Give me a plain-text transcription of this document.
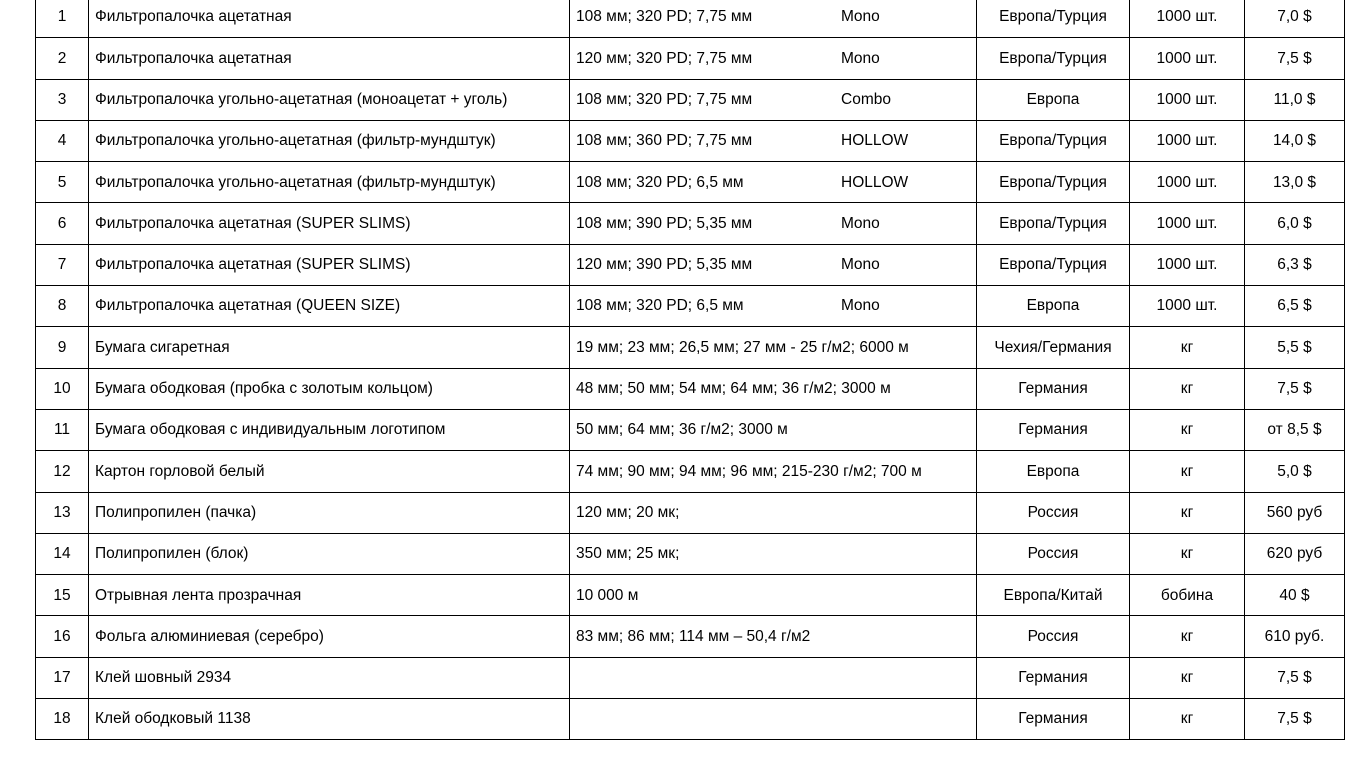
1	Фильтропалочка ацетатная	108 мм; 320 PD; 7,75 мм Mono	Европа/Турция	1000 шт.	7,0 $
2	Фильтропалочка ацетатная	120 мм; 320 PD; 7,75 мм Mono	Европа/Турция	1000 шт.	7,5 $
3	Фильтропалочка угольно-ацетатная (моноацетат + уголь)	108 мм; 320 PD; 7,75 мм Combo	Европа	1000 шт.	11,0 $
4	Фильтропалочка угольно-ацетатная (фильтр-мундштук)	108 мм; 360 PD; 7,75 мм HOLLOW	Европа/Турция	1000 шт.	14,0 $
5	Фильтропалочка угольно-ацетатная (фильтр-мундштук)	108 мм; 320 PD; 6,5 мм HOLLOW	Европа/Турция	1000 шт.	13,0 $
6	Фильтропалочка ацетатная (SUPER SLIMS)	108 мм; 390 PD; 5,35 мм Mono	Европа/Турция	1000 шт.	6,0 $
7	Фильтропалочка ацетатная (SUPER SLIMS)	120 мм; 390 PD; 5,35 мм Mono	Европа/Турция	1000 шт.	6,3 $
8	Фильтропалочка ацетатная (QUEEN SIZE)	108 мм; 320 PD; 6,5 мм Mono	Европа	1000 шт.	6,5 $
9	Бумага сигаретная	19 мм; 23 мм; 26,5 мм; 27 мм - 25 г/м2; 6000 м	Чехия/Германия	кг	5,5 $
10	Бумага ободковая (пробка с золотым кольцом)	48 мм; 50 мм; 54 мм; 64 мм; 36 г/м2; 3000 м	Германия	кг	7,5 $
11	Бумага ободковая с индивидуальным логотипом	50 мм; 64 мм; 36 г/м2; 3000 м	Германия	кг	от 8,5 $
12	Картон горловой белый	74 мм; 90 мм; 94 мм; 96 мм; 215-230 г/м2; 700 м	Европа	кг	5,0 $
13	Полипропилен (пачка)	120 мм; 20 мк;	Россия	кг	560 руб
14	Полипропилен (блок)	350 мм; 25 мк;	Россия	кг	620 руб
15	Отрывная лента прозрачная	10 000 м	Европа/Китай	бобина	40 $
16	Фольга алюминиевая (серебро)	83 мм; 86 мм; 114 мм – 50,4 г/м2	Россия	кг	610 руб.
17	Клей шовный 2934		Германия	кг	7,5 $
18	Клей ободковый 1138		Германия	кг	7,5 $
